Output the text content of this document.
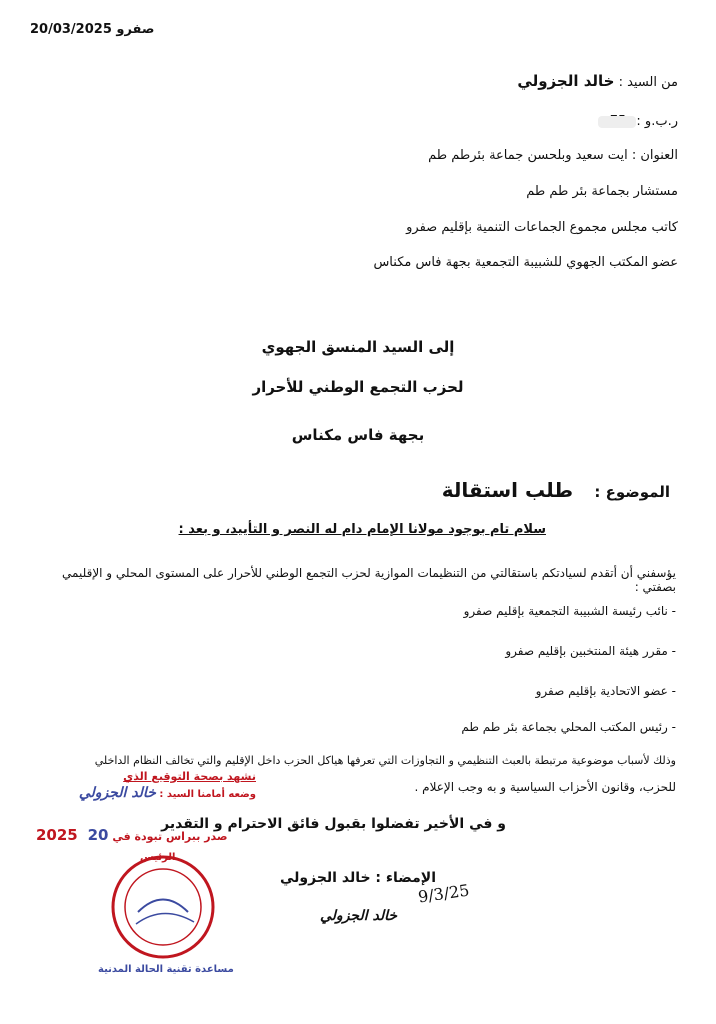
20/03/2025 صفرو
من السيد : خالد الجزولي
ر.ب.و :
العنوان : ايت سعيد وبلحسن جماعة بئرطم طم
مستشار بجماعة بئر طم طم
كاتب مجلس مجموع الجماعات التنمية بإقليم صفرو
عضو المكتب الجهوي للشبيبة التجمعية بجهة فاس مكناس
إلى السيد المنسق الجهوي
لحزب التجمع الوطني للأحرار
بجهة فاس مكناس
الموضوع : طلب استقالة
سلام تام بوجود مولانا الإمام دام له النصر و التأييد، و بعد :
يؤسفني أن أتقدم لسيادتكم باستقالتي من التنظيمات الموازية لحزب التجمع الوطني للأحرار على المستوى المحلي و الإقليمي بصفتي :
- نائب رئيسة الشبيبة التجمعية بإقليم صفرو
- مقرر هيئة المنتخبين بإقليم صفرو
- عضو الاتحادية بإقليم صفرو
- رئيس المكتب المحلي بجماعة بئر طم طم
وذلك لأسباب موضوعية مرتبطة بالعبث التنظيمي و التجاوزات التي تعرفها هياكل الحزب داخل الإقليم والتي تخالف النظام الداخلي
للحزب، وقانون الأحزاب السياسية و به وجب الإعلام .
و في الأخير تفضلوا بقبول فائق الاحترام و التقدير
الإمضاء : خالد الجزولي
9/3/25
خالد الجزولي
نشهد بصحة التوقيع الذي
وضعه أمامنا السيد : خالد الجزولي
2025 20 صدر ببراس تبودة في
الرئيس
مساعدة تقنية الحالة المدنية
